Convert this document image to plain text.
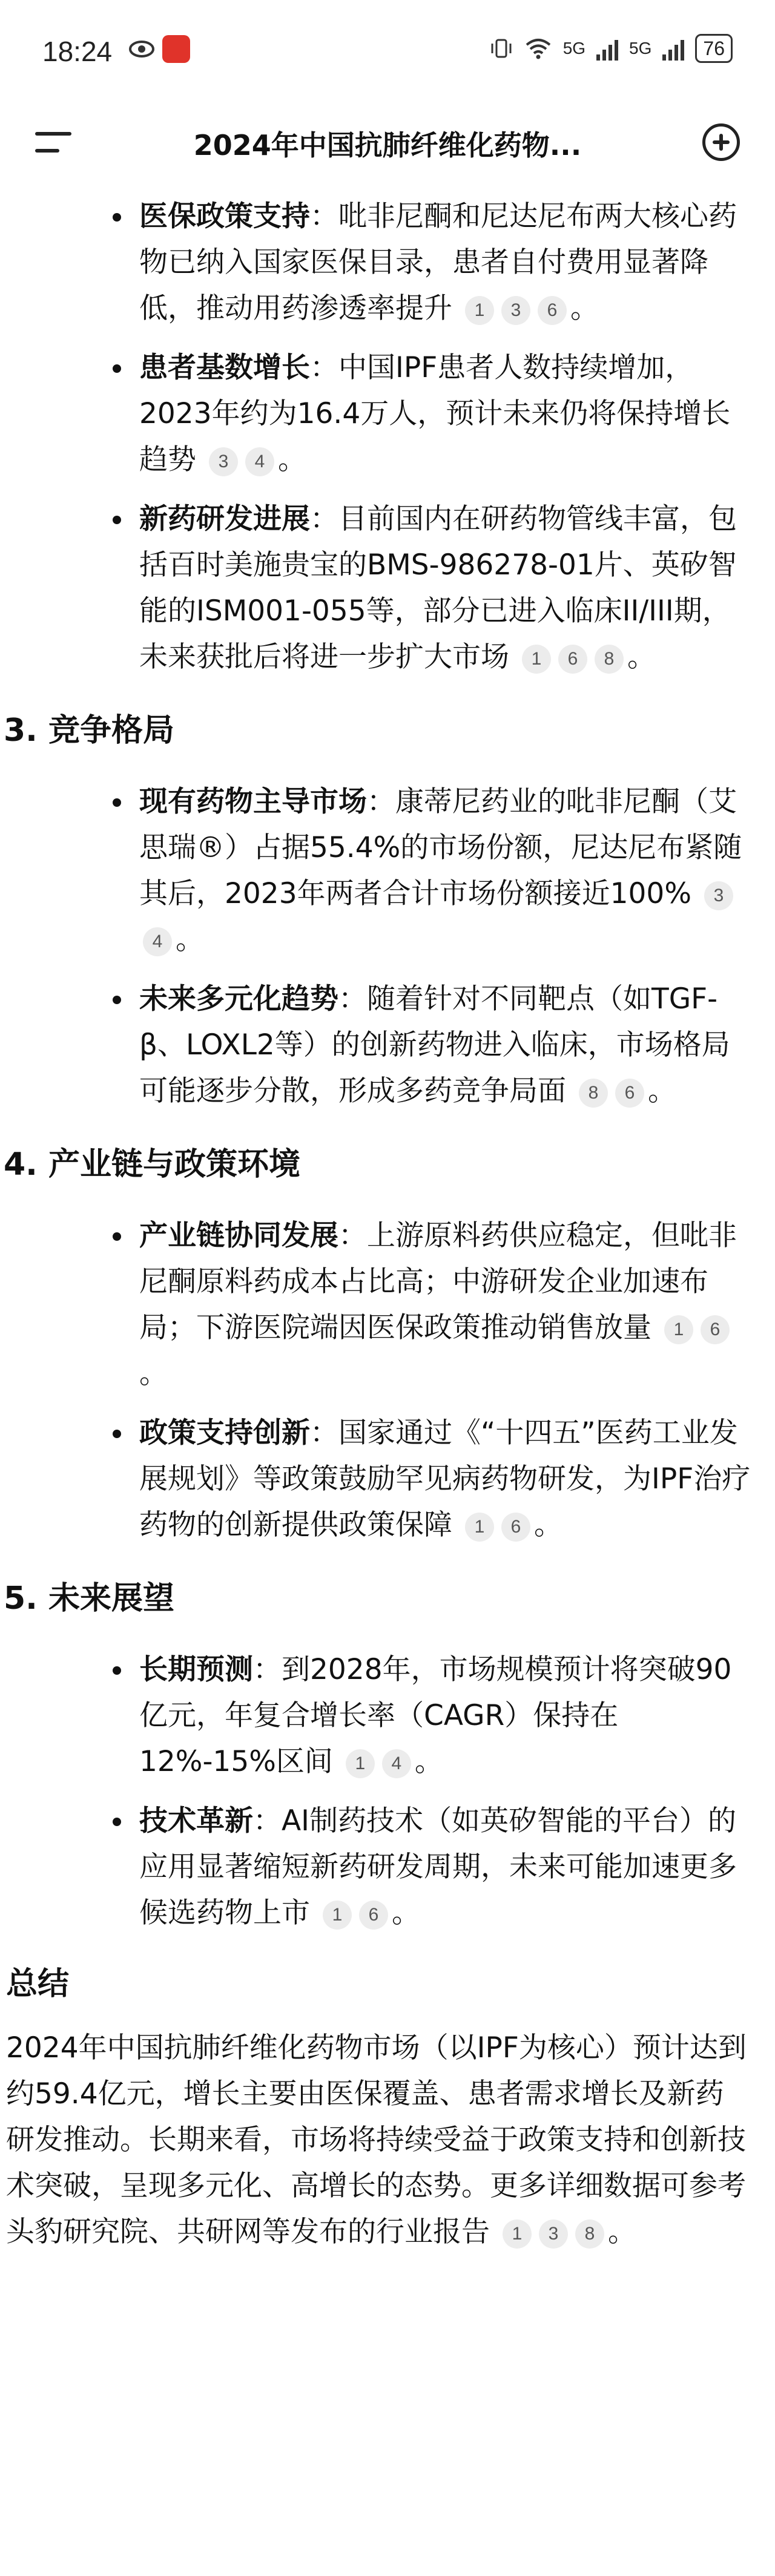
18:24	5G	5G	76
2024年中国抗肺纤维化药物...
医保政策支持：吡非尼酮和尼达尼布两大核心药物已纳入国家医保目录，患者自付费用显著降低，推动用药渗透率提升 1 3 6 。
患者基数增长：中国IPF患者人数持续增加，2023年约为16.4万人，预计未来仍将保持增长趋势 3 4 。
新药研发进展：目前国内在研药物管线丰富，包括百时美施贵宝的BMS-986278-01片、英矽智能的ISM001-055等，部分已进入临床II/III期，未来获批后将进一步扩大市场 1 6 8 。
3. 竞争格局
现有药物主导市场：康蒂尼药业的吡非尼酮（艾思瑞®）占据55.4%的市场份额，尼达尼布紧随其后，2023年两者合计市场份额接近100% 34 。
未来多元化趋势：随着针对不同靶点（如TGF-β、LOXL2等）的创新药物进入临床，市场格局可能逐步分散，形成多药竞争局面 8 6 。
4. 产业链与政策环境
产业链协同发展：上游原料药供应稳定，但吡非尼酮原料药成本占比高；中游研发企业加速布局；下游医院端因医保政策推动销售放量 1 6。
政策支持创新：国家通过《“十四五”医药工业发展规划》等政策鼓励罕见病药物研发，为IPF治疗药物的创新提供政策保障 1 6 。
5. 未来展望
长期预测：到2028年，市场规模预计将突破90亿元，年复合增长率（CAGR）保持在12%-15%区间 1 4 。
技术革新：AI制药技术（如英矽智能的平台）的应用显著缩短新药研发周期，未来可能加速更多候选药物上市 1 6 。
总结
2024年中国抗肺纤维化药物市场（以IPF为核心）预计达到约59.4亿元，增长主要由医保覆盖、患者需求增长及新药研发推动。长期来看，市场将持续受益于政策支持和创新技术突破，呈现多元化、高增长的态势。更多详细数据可参考头豹研究院、共研网等发布的行业报告 1 3 8 。
